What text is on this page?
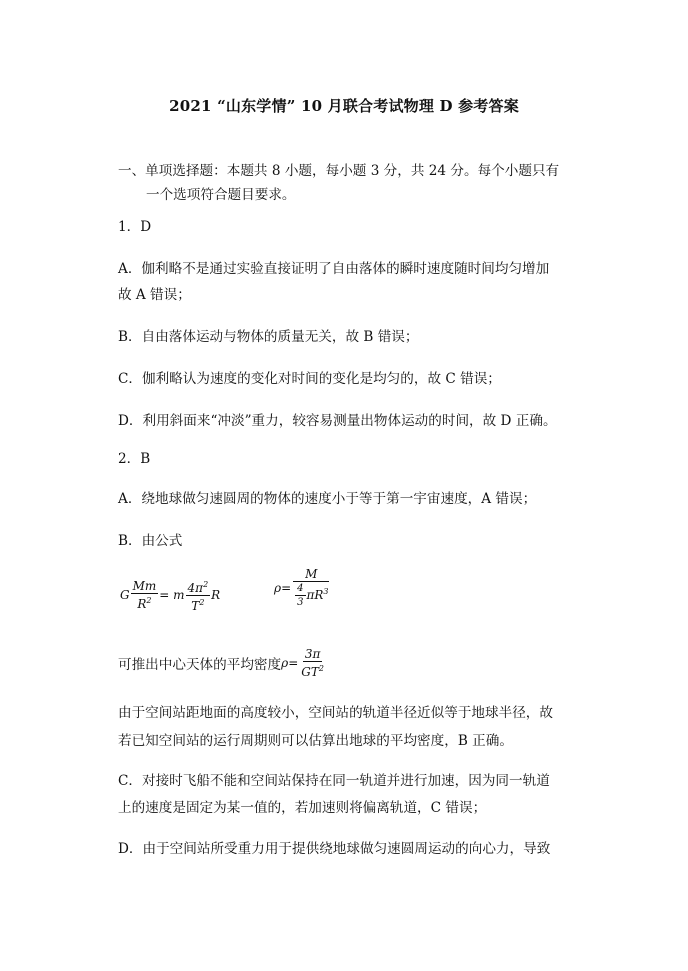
2021 “山东学情” 10 月联合考试物理 D 参考答案
一、单项选择题：本题共 8 小题，每小题 3 分，共 24 分。每个小题只有
一个选项符合题目要求。
1．D
A．伽利略不是通过实验直接证明了自由落体的瞬时速度随时间均匀增加
故 A 错误；
B．自由落体运动与物体的质量无关，故 B 错误；
C．伽利略认为速度的变化对时间的变化是均匀的，故 C 错误；
D．利用斜面来“冲淡”重力，较容易测量出物体运动的时间，故 D 正确。
2．B
A．绕地球做匀速圆周的物体的速度小于等于第一宇宙速度，A 错误；
B．由公式
G $\frac{Mm}{R^2} = m \frac{4\pi^2}{T^2}$ R	$\rho= \frac{M}{\frac{4}{3} \pi R^3}$
可推出中心天体的平均密度$\rho= \frac{3\pi}{GT^2}$
由于空间站距地面的高度较小，空间站的轨道半径近似等于地球半径，故
若已知空间站的运行周期则可以估算出地球的平均密度，B 正确。
C．对接时飞船不能和空间站保持在同一轨道并进行加速，因为同一轨道
上的速度是固定为某一值的，若加速则将偏离轨道，C 错误；
D．由于空间站所受重力用于提供绕地球做匀速圆周运动的向心力，导致
